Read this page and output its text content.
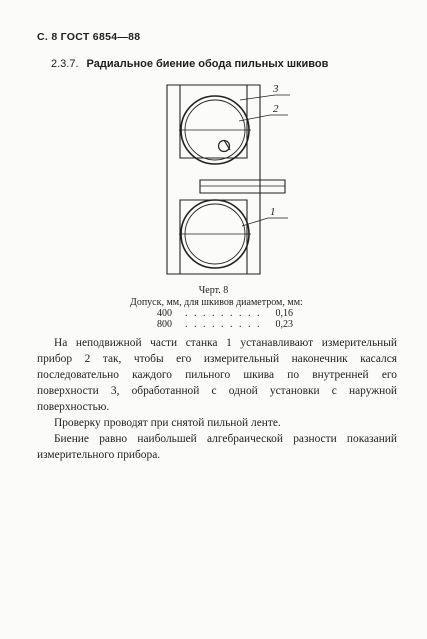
С. 8 ГОСТ 6854—88
2.3.7. Радиальное биение обода пильных шкивов
3
2
1
Черт. 8
Допуск, мм, для шкивов диаметром, мм:
400	. . . . . . . . .	0,16
800	. . . . . . . . .	0,23

На неподвижной части станка 1 устанавливают измерительный прибор 2 так, чтобы его измерительный наконечник касался последовательно каждого пильного шкива по внутренней его поверхности 3, обработанной с одной установки с наружной поверхностью.

Проверку проводят при снятой пильной ленте.

Биение равно наибольшей алгебраической разности показаний измерительного прибора.
